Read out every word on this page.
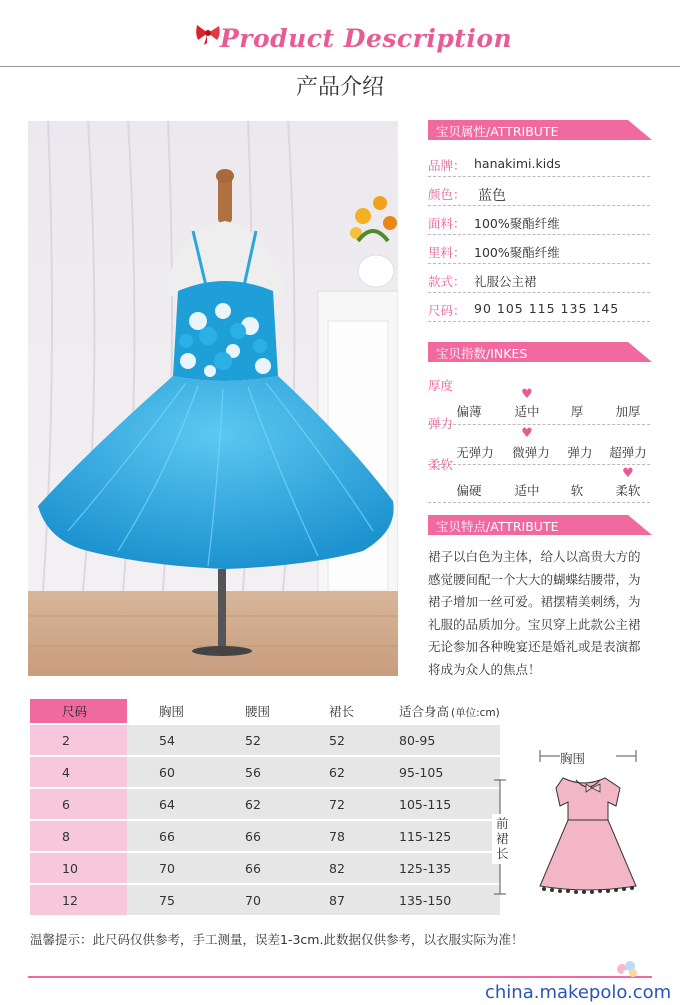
Product Description
产品介绍
宝贝属性/ATTRIBUTE
品牌： hanakimi.kids
颜色： 蓝色
面料： 100%聚酯纤维
里料： 100%聚酯纤维
款式： 礼服公主裙
尺码： 90 105 115 135 145
宝贝指数/INKES
厚度
♥
偏薄	适中	厚	加厚
弹力
♥
无弹力	微弹力	弹力	超弹力
柔软
♥
偏硬	适中	软	柔软
宝贝特点/ATTRIBUTE
裙子以白色为主体，给人以高贵大方的
感觉腰间配一个大大的蝴蝶结腰带，为
裙子增加一丝可爱。裙摆精美刺绣，为
礼服的品质加分。宝贝穿上此款公主裙
无论参加各种晚宴还是婚礼或是表演都
将成为众人的焦点！
尺码	胸围	腰围	裙长	适合身高 (单位:cm)
2	54	52	52	80-95
4	60	56	62	95-105
6	64	62	72	105-115
8	66	66	78	115-125
10	70	66	82	125-135
12	75	70	87	135-150
胸围
前裙长
温馨提示：此尺码仅供参考，手工测量，误差1-3cm.此数据仅供参考，以衣服实际为准！
china.makepolo.com
